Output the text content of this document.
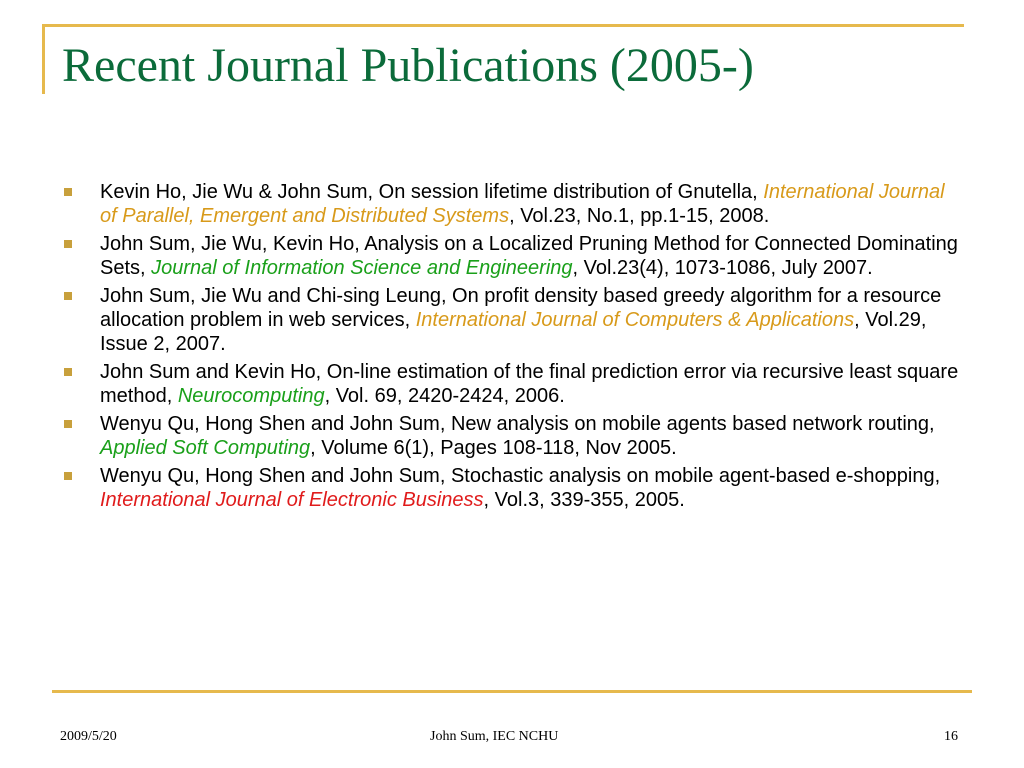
Recent Journal Publications (2005-)
Kevin Ho, Jie Wu & John Sum, On session lifetime distribution of Gnutella, International Journal of Parallel, Emergent and Distributed Systems, Vol.23, No.1, pp.1-15, 2008.
John Sum, Jie Wu, Kevin Ho, Analysis on a Localized Pruning Method for Connected Dominating Sets, Journal of Information Science and Engineering, Vol.23(4), 1073-1086, July 2007.
John Sum, Jie Wu and Chi-sing Leung, On profit density based greedy algorithm for a resource allocation problem in web services, International Journal of Computers & Applications, Vol.29, Issue 2, 2007.
John Sum and Kevin Ho, On-line estimation of the final prediction error via recursive least square method, Neurocomputing, Vol. 69, 2420-2424, 2006.
Wenyu Qu, Hong Shen and John Sum, New analysis on mobile agents based network routing, Applied Soft Computing, Volume 6(1), Pages 108-118, Nov 2005.
Wenyu Qu, Hong Shen and John Sum, Stochastic analysis on mobile agent-based e-shopping, International Journal of Electronic Business, Vol.3, 339-355, 2005.
2009/5/20	John Sum, IEC NCHU	16
